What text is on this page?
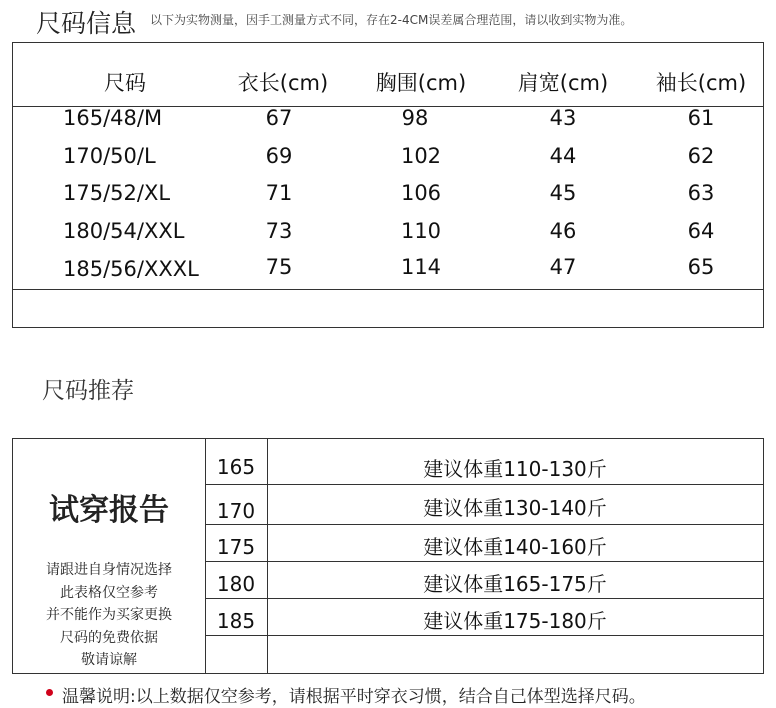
尺码信息 以下为实物测量，因手工测量方式不同，存在2-4CM误差属合理范围，请以收到实物为准。
尺码	衣长(cm) 胸围(cm) 肩宽(cm) 袖长(cm)
165/48/M	67	98	43	61
170/50/L	69	102	44	62
175/52/XL	71	106	45	63
180/54/XXL	73	110	46	64
185/56/XXXL	75	114	47	65
尺码推荐
试穿报告
请跟进自身情况选择
此表格仅空参考
并不能作为买家更换
尺码的免费依据
敬请谅解
165	建议体重110-130斤
170	建议体重130-140斤
175	建议体重140-160斤
180	建议体重165-175斤
185	建议体重175-180斤
温馨说明:以上数据仅空参考，请根据平时穿衣习惯，结合自己体型选择尺码。
